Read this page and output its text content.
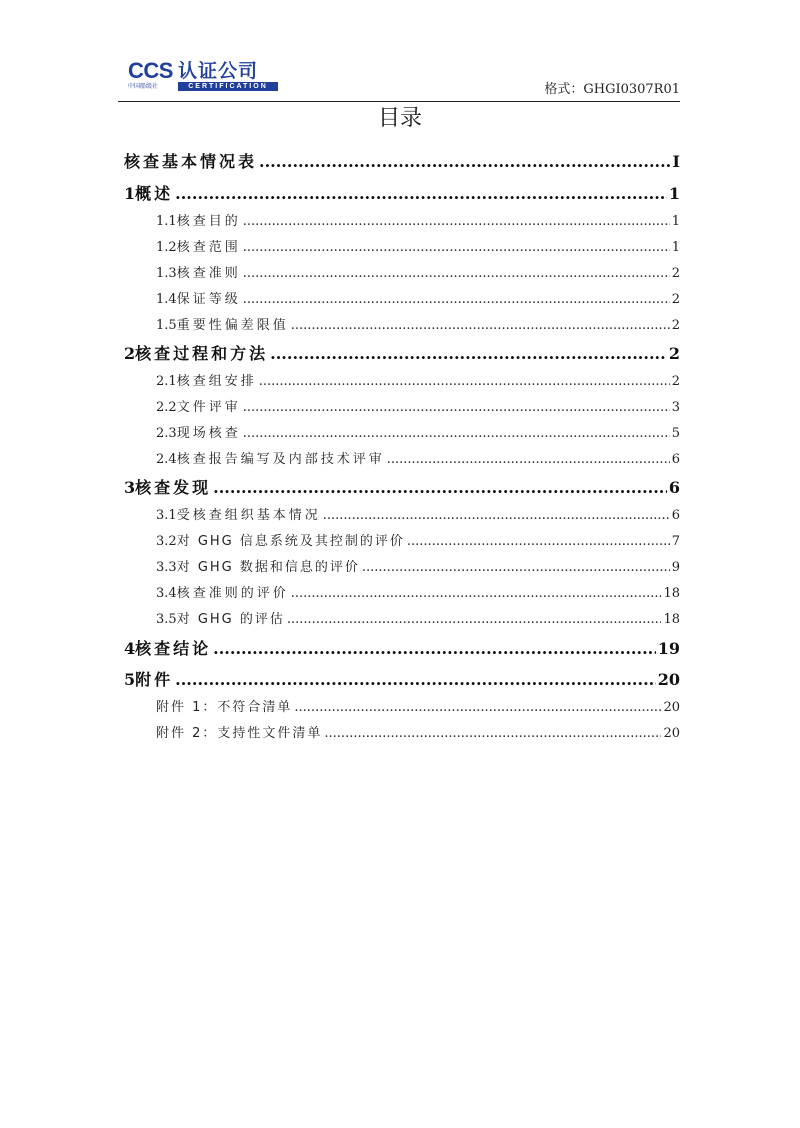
CCS 认证公司
中国船级社	CERTIFICATION	格式：GHGI0307R01
目录
核查基本情况表 .....	I
1 概述 .....	1
1.1 核查目的 .....	1
1.2 核查范围 .....	1
1.3 核查准则 .....	2
1.4 保证等级 .....	2
1.5 重要性偏差限值 .....	2
2 核查过程和方法 .....	2
2.1 核查组安排 .....	2
2.2 文件评审 .....	3
2.3 现场核查 .....	5
2.4 核查报告编写及内部技术评审 .....	6
3 核查发现 .....	6
3.1 受核查组织基本情况 .....	6
3.2 对 GHG 信息系统及其控制的评价 .....	7
3.3 对 GHG 数据和信息的评价 .....	9
3.4 核查准则的评价 .....	18
3.5 对 GHG 的评估 .....	18
4 核查结论 .....	19
5 附件 .....	20
附件 1：不符合清单 .....	20
附件 2：支持性文件清单 .....	20
